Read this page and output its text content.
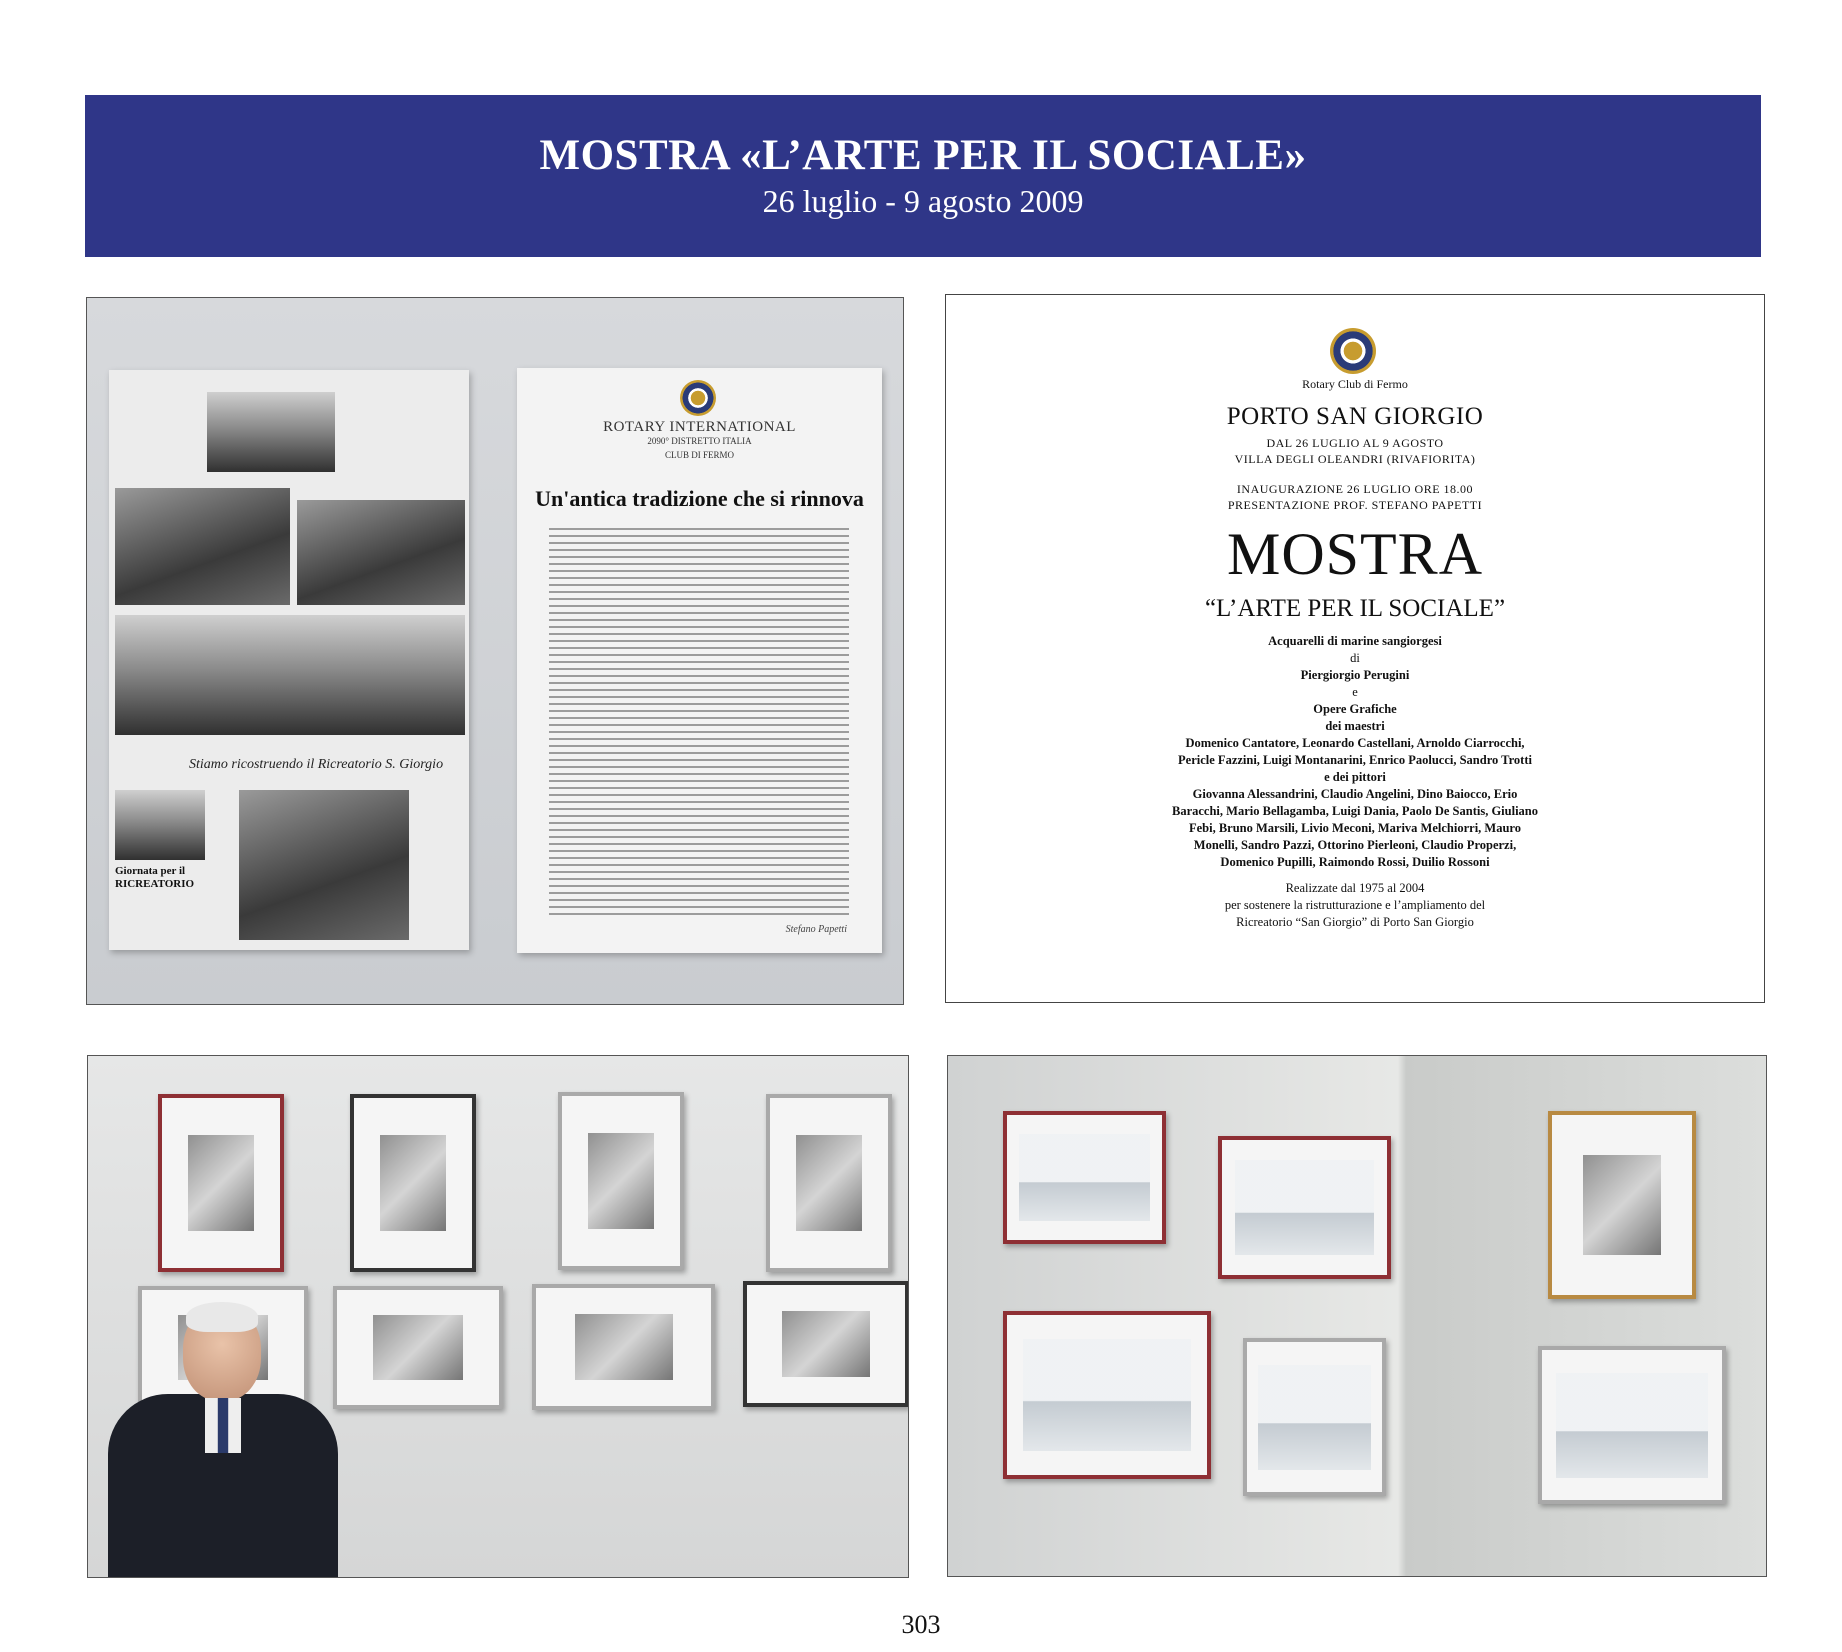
MOSTRA «L’ARTE PER IL SOCIALE»
26 luglio - 9 agosto 2009
Stiamo ricostruendo il Ricreatorio S. Giorgio
Giornata per il RICREATORIO
ROTARY INTERNATIONAL
2090° DISTRETTO ITALIA
CLUB DI FERMO
Un'antica tradizione che si rinnova
Stefano Papetti
Rotary Club di Fermo
PORTO SAN GIORGIO
DAL 26 LUGLIO AL 9 AGOSTO
VILLA DEGLI OLEANDRI (RIVAFIORITA)
INAUGURAZIONE 26 LUGLIO ORE 18.00
PRESENTAZIONE PROF. STEFANO PAPETTI
MOSTRA
“L’ARTE PER IL SOCIALE”
Acquarelli di marine sangiorgesi
di
Piergiorgio Perugini
e
Opere Grafiche
dei maestri
Domenico Cantatore, Leonardo Castellani, Arnoldo Ciarrocchi,
Pericle Fazzini, Luigi Montanarini, Enrico Paolucci, Sandro Trotti
e dei pittori
Giovanna Alessandrini, Claudio Angelini, Dino Baiocco, Erio
Baracchi, Mario Bellagamba, Luigi Dania, Paolo De Santis, Giuliano
Febi, Bruno Marsili, Livio Meconi, Mariva Melchiorri, Mauro
Monelli, Sandro Pazzi, Ottorino Pierleoni, Claudio Properzi,
Domenico Pupilli, Raimondo Rossi, Duilio Rossoni
Realizzate dal 1975 al 2004
per sostenere la ristrutturazione e l’ampliamento del
Ricreatorio “San Giorgio” di Porto San Giorgio
303
